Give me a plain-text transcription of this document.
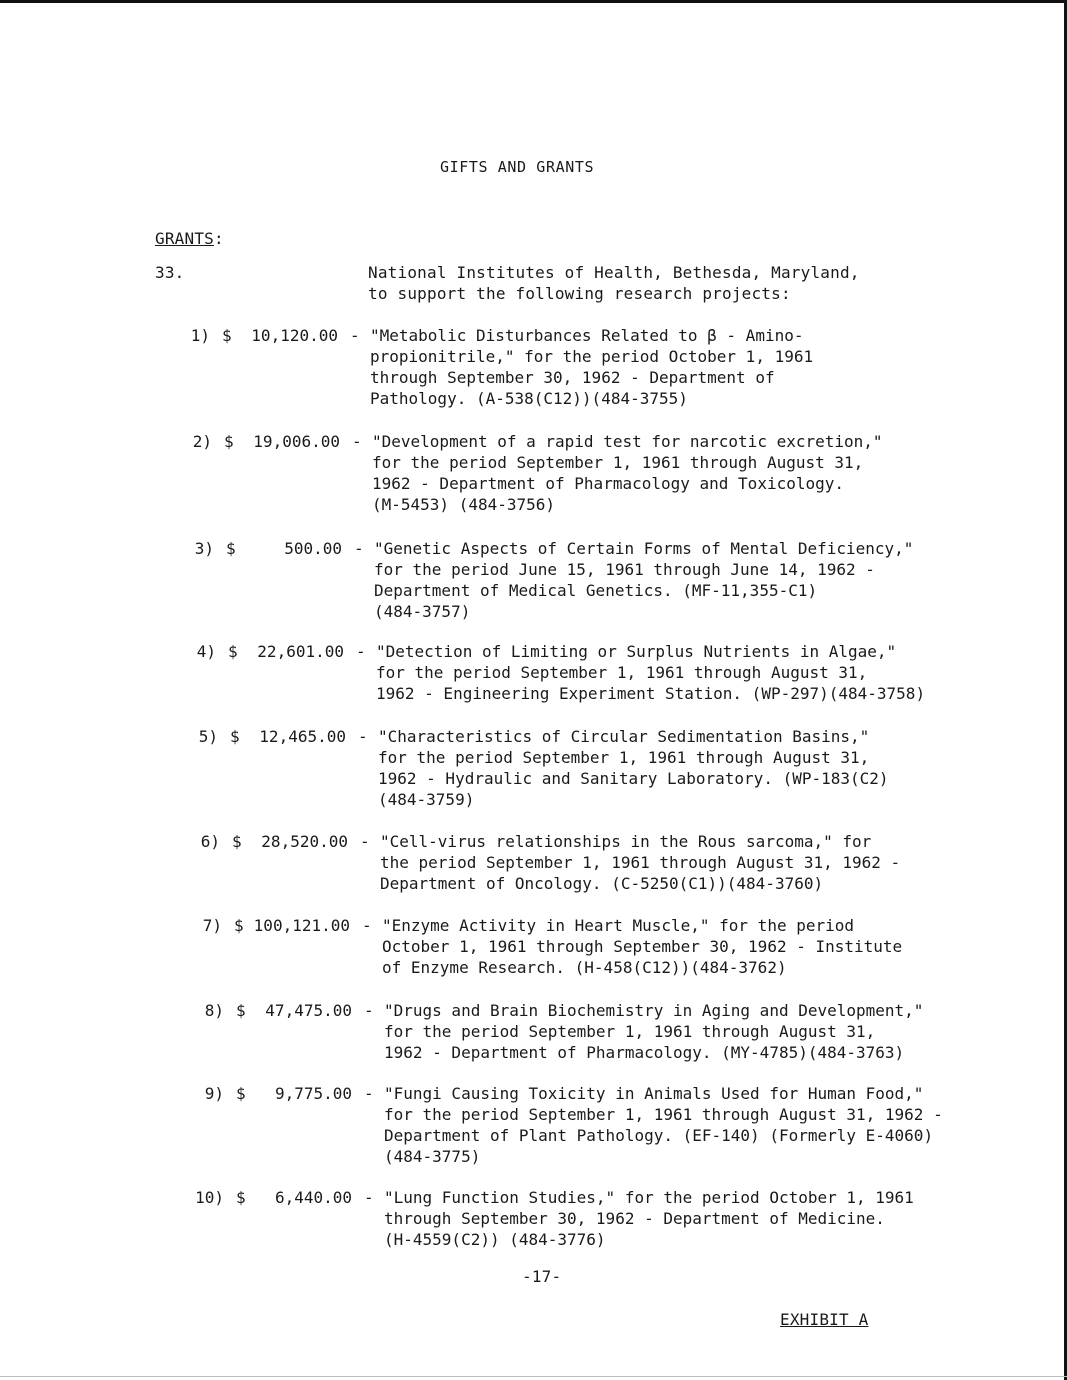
GIFTS AND GRANTS
GRANTS:
33.	National Institutes of Health, Bethesda, Maryland,
to support the following research projects:
1) $	10,120.00 - "Metabolic Disturbances Related to β - Amino-
propionitrile," for the period October 1, 1961
through September 30, 1962 - Department of
Pathology. (A-538(C12))(484-3755)
2) $	19,006.00 - "Development of a rapid test for narcotic excretion,"
for the period September 1, 1961 through August 31,
1962 - Department of Pharmacology and Toxicology.
(M-5453) (484-3756)
3) $	500.00 - "Genetic Aspects of Certain Forms of Mental Deficiency,"
for the period June 15, 1961 through June 14, 1962 -
Department of Medical Genetics. (MF-11,355-C1)
(484-3757)
4) $	22,601.00 - "Detection of Limiting or Surplus Nutrients in Algae,"
for the period September 1, 1961 through August 31,
1962 - Engineering Experiment Station. (WP-297)(484-3758)
5) $	12,465.00 - "Characteristics of Circular Sedimentation Basins,"
for the period September 1, 1961 through August 31,
1962 - Hydraulic and Sanitary Laboratory. (WP-183(C2)
(484-3759)
6) $	28,520.00 - "Cell-virus relationships in the Rous sarcoma," for
the period September 1, 1961 through August 31, 1962 -
Department of Oncology. (C-5250(C1))(484-3760)
7) $ 100,121.00 - "Enzyme Activity in Heart Muscle," for the period
October 1, 1961 through September 30, 1962 - Institute
of Enzyme Research. (H-458(C12))(484-3762)
8) $	47,475.00 - "Drugs and Brain Biochemistry in Aging and Development,"
for the period September 1, 1961 through August 31,
1962 - Department of Pharmacology. (MY-4785)(484-3763)
9) $	9,775.00 - "Fungi Causing Toxicity in Animals Used for Human Food,"
for the period September 1, 1961 through August 31, 1962 -
Department of Plant Pathology. (EF-140) (Formerly E-4060)
(484-3775)
10) $	6,440.00 - "Lung Function Studies," for the period October 1, 1961
through September 30, 1962 - Department of Medicine.
(H-4559(C2)) (484-3776)
-17-
EXHIBIT A
